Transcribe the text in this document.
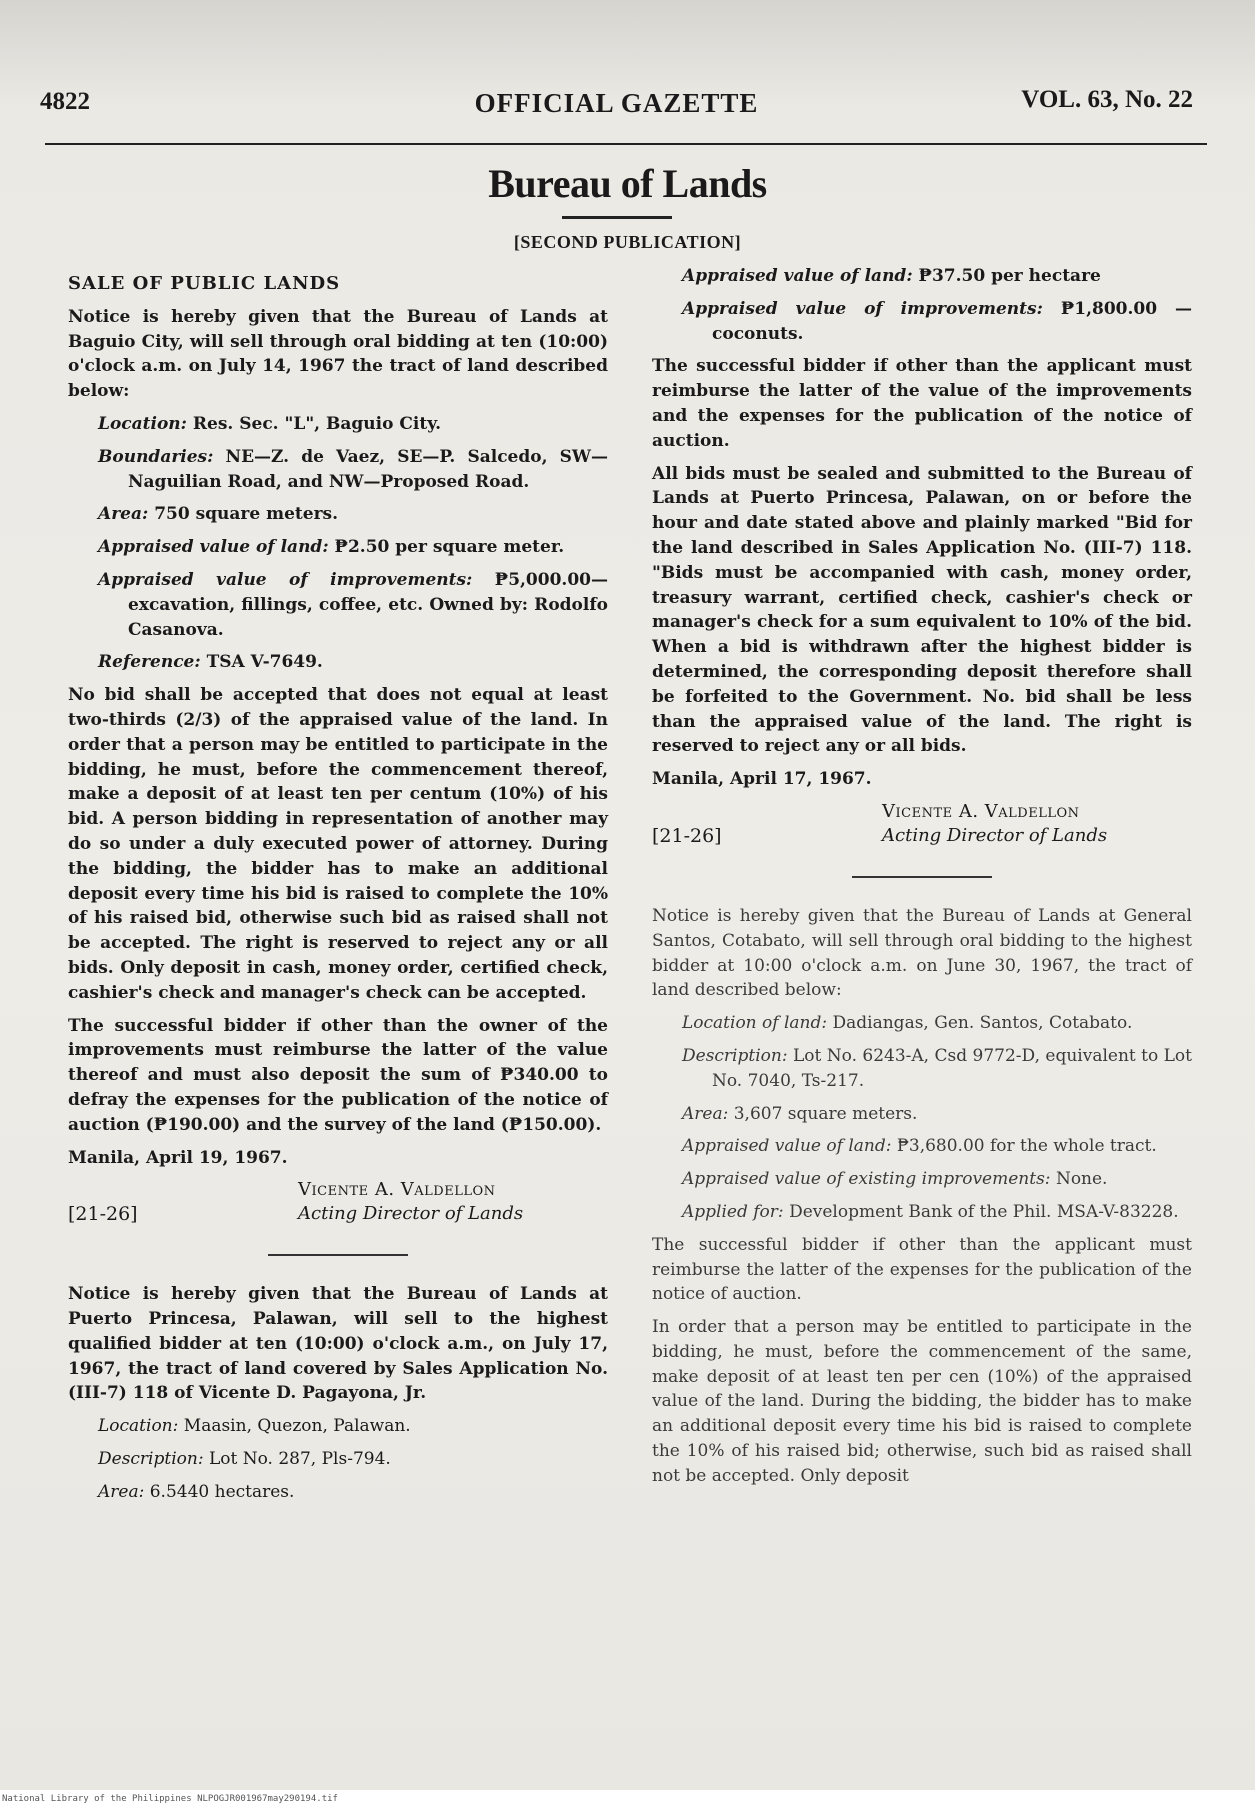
4822	OFFICIAL GAZETTE	VOL. 63, No. 22
Bureau of Lands
[SECOND PUBLICATION]

SALE OF PUBLIC LANDS

Notice is hereby given that the Bureau of Lands at Baguio City, will sell through oral bidding at ten (10:00) o'clock a.m. on July 14, 1967 the tract of land described below:

Location: Res. Sec. "L", Baguio City.

Boundaries: NE—Z. de Vaez, SE—P. Salcedo, SW—Naguilian Road, and NW—Proposed Road.

Area: 750 square meters.

Appraised value of land: ₱2.50 per square meter.

Appraised value of improvements: ₱5,000.00—excavation, fillings, coffee, etc. Owned by: Rodolfo Casanova.

Reference: TSA V-7649.

No bid shall be accepted that does not equal at least two-thirds (2/3) of the appraised value of the land. In order that a person may be entitled to participate in the bidding, he must, before the commencement thereof, make a deposit of at least ten per centum (10%) of his bid. A person bidding in representation of another may do so under a duly executed power of attorney. During the bidding, the bidder has to make an additional deposit every time his bid is raised to complete the 10% of his raised bid, otherwise such bid as raised shall not be accepted. The right is reserved to reject any or all bids. Only deposit in cash, money order, certified check, cashier's check and manager's check can be accepted.

The successful bidder if other than the owner of the improvements must reimburse the latter of the value thereof and must also deposit the sum of ₱340.00 to defray the expenses for the publication of the notice of auction (₱190.00) and the survey of the land (₱150.00).

Manila, April 19, 1967.

[21-26]
Vicente A. Valdellon
Acting Director of Lands

Notice is hereby given that the Bureau of Lands at Puerto Princesa, Palawan, will sell to the highest qualified bidder at ten (10:00) o'clock a.m., on July 17, 1967, the tract of land covered by Sales Application No. (III-7) 118 of Vicente D. Pagayona, Jr.

Location: Maasin, Quezon, Palawan.

Description: Lot No. 287, Pls-794.

Area: 6.5440 hectares.

Appraised value of land: ₱37.50 per hectare

Appraised value of improvements: ₱1,800.00 —coconuts.

The successful bidder if other than the applicant must reimburse the latter of the value of the improvements and the expenses for the publication of the notice of auction.

All bids must be sealed and submitted to the Bureau of Lands at Puerto Princesa, Palawan, on or before the hour and date stated above and plainly marked "Bid for the land described in Sales Application No. (III-7) 118. "Bids must be accompanied with cash, money order, treasury warrant, certified check, cashier's check or manager's check for a sum equivalent to 10% of the bid. When a bid is withdrawn after the highest bidder is determined, the corresponding deposit therefore shall be forfeited to the Government. No. bid shall be less than the appraised value of the land. The right is reserved to reject any or all bids.

Manila, April 17, 1967.

[21-26]
Vicente A. Valdellon
Acting Director of Lands

Notice is hereby given that the Bureau of Lands at General Santos, Cotabato, will sell through oral bidding to the highest bidder at 10:00 o'clock a.m. on June 30, 1967, the tract of land described below:

Location of land: Dadiangas, Gen. Santos, Cotabato.

Description: Lot No. 6243-A, Csd 9772-D, equivalent to Lot No. 7040, Ts-217.

Area: 3,607 square meters.

Appraised value of land: ₱3,680.00 for the whole tract.

Appraised value of existing improvements: None.

Applied for: Development Bank of the Phil. MSA-V-83228.

The successful bidder if other than the applicant must reimburse the latter of the expenses for the publication of the notice of auction.

In order that a person may be entitled to participate in the bidding, he must, before the commencement of the same, make deposit of at least ten per cen (10%) of the appraised value of the land. During the bidding, the bidder has to make an additional deposit every time his bid is raised to complete the 10% of his raised bid; otherwise, such bid as raised shall not be accepted. Only deposit

National Library of the Philippines NLPOGJR001967may290194.tif
